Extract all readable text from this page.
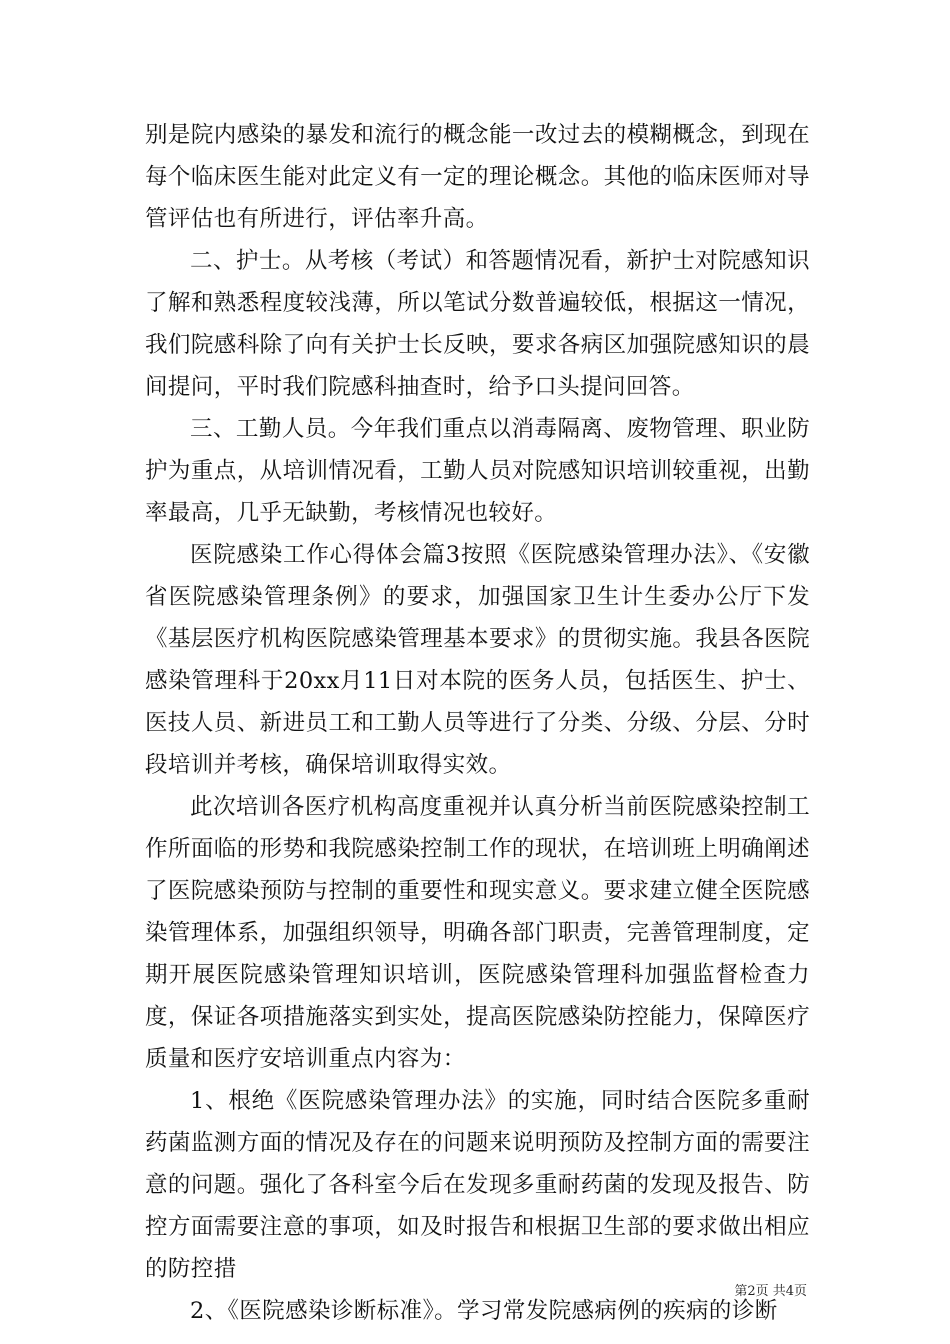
别是院内感染的暴发和流行的概念能一改过去的模糊概念，到现在每个临床医生能对此定义有一定的理论概念。其他的临床医师对导管评估也有所进行，评估率升高。

二、护士。从考核（考试）和答题情况看，新护士对院感知识了解和熟悉程度较浅薄，所以笔试分数普遍较低，根据这一情况，我们院感科除了向有关护士长反映，要求各病区加强院感知识的晨间提问，平时我们院感科抽查时，给予口头提问回答。

三、工勤人员。今年我们重点以消毒隔离、废物管理、职业防护为重点，从培训情况看，工勤人员对院感知识培训较重视，出勤率最高，几乎无缺勤，考核情况也较好。

医院感染工作心得体会篇3按照《医院感染管理办法》、《安徽省医院感染管理条例》的要求，加强国家卫生计生委办公厅下发《基层医疗机构医院感染管理基本要求》的贯彻实施。我县各医院感染管理科于20xx月11日对本院的医务人员，包括医生、护士、医技人员、新进员工和工勤人员等进行了分类、分级、分层、分时段培训并考核，确保培训取得实效。

此次培训各医疗机构高度重视并认真分析当前医院感染控制工作所面临的形势和我院感染控制工作的现状，在培训班上明确阐述了医院感染预防与控制的重要性和现实意义。要求建立健全医院感染管理体系，加强组织领导，明确各部门职责，完善管理制度，定期开展医院感染管理知识培训，医院感染管理科加强监督检查力度，保证各项措施落实到实处，提高医院感染防控能力，保障医疗质量和医疗安培训重点内容为：

1、根绝《医院感染管理办法》的实施，同时结合医院多重耐药菌监测方面的情况及存在的问题来说明预防及控制方面的需要注意的问题。强化了各科室今后在发现多重耐药菌的发现及报告、防控方面需要注意的事项，如及时报告和根据卫生部的要求做出相应的防控措

2、《医院感染诊断标准》。学习常发院感病例的疾病的诊断

第2页 共4页
